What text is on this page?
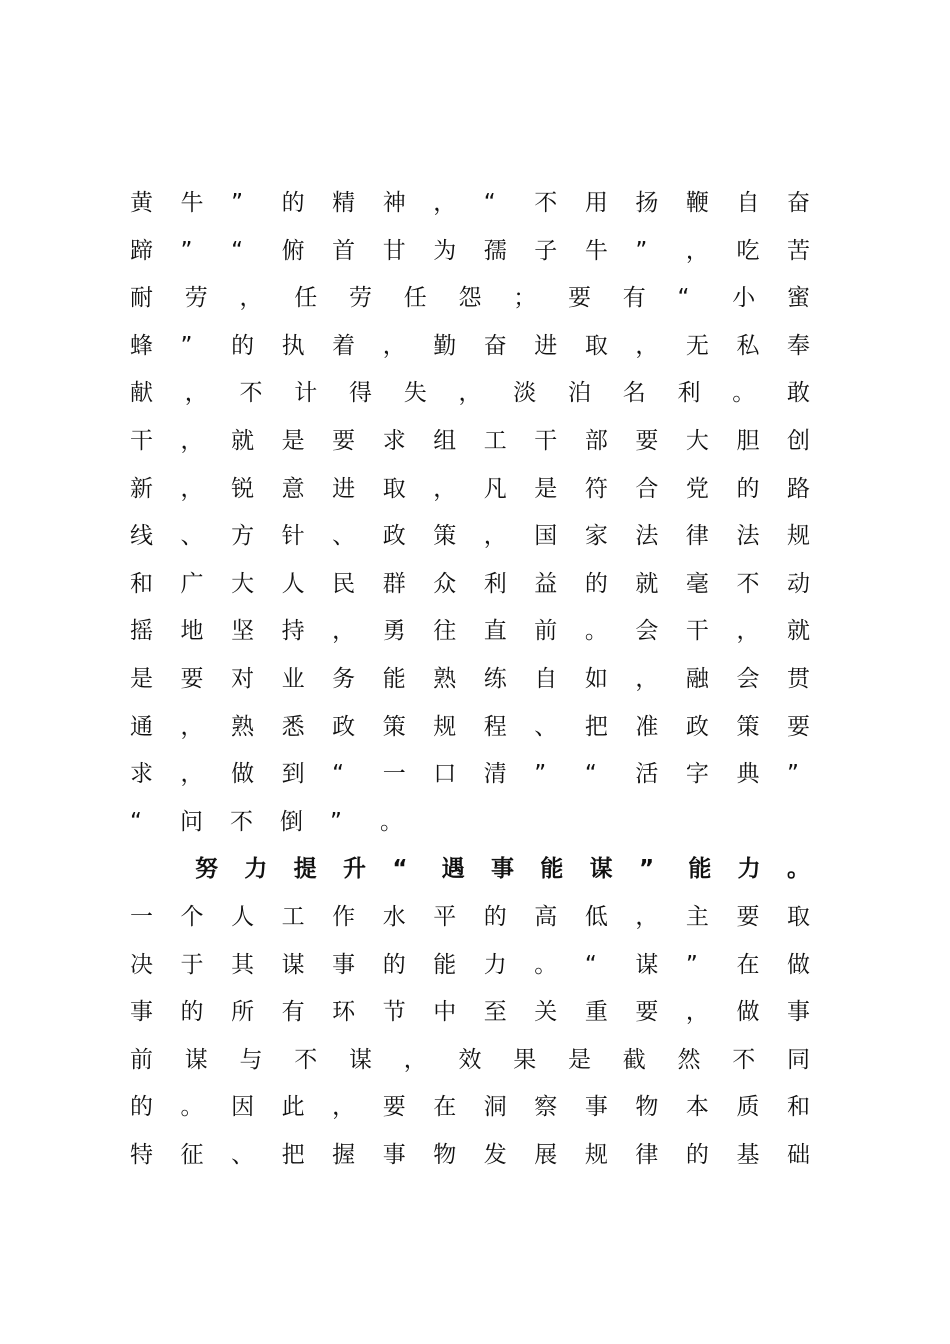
黄 牛 ” 的 精 神 ， “ 不 用 扬 鞭 自 奋
蹄 ” “ 俯 首 甘 为 孺 子 牛 ” ， 吃 苦
耐 劳 ， 任 劳 任 怨 ； 要 有 “ 小 蜜
蜂 ” 的 执 着 ， 勤 奋 进 取 ， 无 私 奉
献 ， 不 计 得 失 ， 淡 泊 名 利 。 敢
干 ， 就 是 要 求 组 工 干 部 要 大 胆 创
新 ， 锐 意 进 取 ， 凡 是 符 合 党 的 路
线 、 方 针 、 政 策 ， 国 家 法 律 法 规
和 广 大 人 民 群 众 利 益 的 就 毫 不 动
摇 地 坚 持 ， 勇 往 直 前 。 会 干 ， 就
是 要 对 业 务 能 熟 练 自 如 ， 融 会 贯
通 ， 熟 悉 政 策 规 程 、 把 准 政 策 要
求 ， 做 到 “ 一 口 清 ” “ 活 字 典 ”
“ 问 不 倒 ” 。
努 力 提 升 “ 遇 事 能 谋 ” 能 力 。
一 个 人 工 作 水 平 的 高 低 ， 主 要 取
决 于 其 谋 事 的 能 力 。 “ 谋 ” 在 做
事 的 所 有 环 节 中 至 关 重 要 ， 做 事
前 谋 与 不 谋 ， 效 果 是 截 然 不 同
的 。 因 此 ， 要 在 洞 察 事 物 本 质 和
特 征 、 把 握 事 物 发 展 规 律 的 基 础
